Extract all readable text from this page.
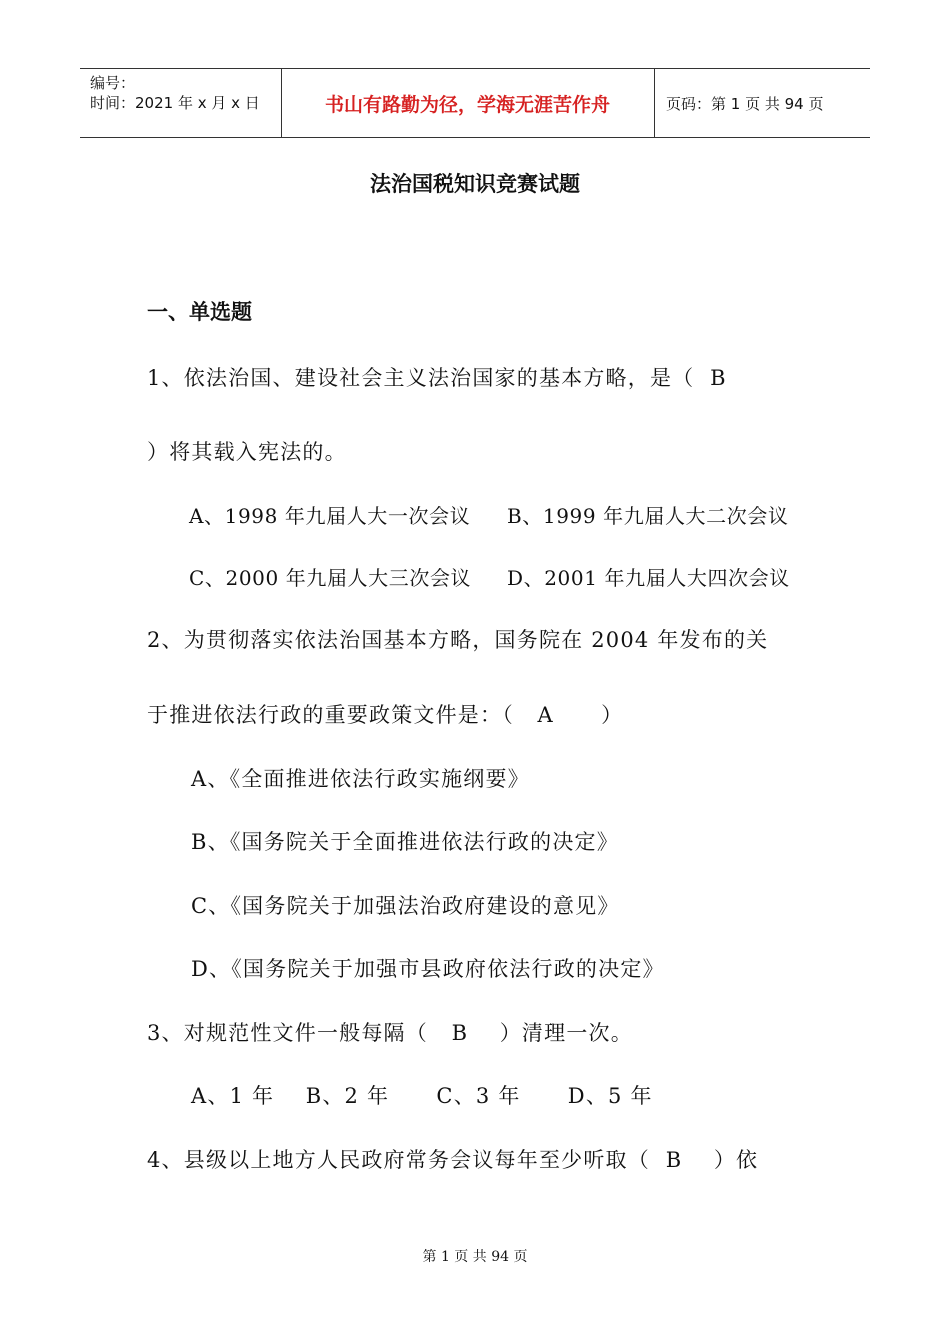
编号：
时间：2021 年 x 月 x 日	书山有路勤为径，学海无涯苦作舟	页码：第 1 页 共 94 页
法治国税知识竞赛试题
一、单选题
1、依法治国、建设社会主义法治国家的基本方略，是（  B
）将其载入宪法的。
A、1998 年九届人大一次会议 B、1999 年九届人大二次会议
C、2000 年九届人大三次会议 D、2001 年九届人大四次会议
2、为贯彻落实依法治国基本方略，国务院在 2004 年发布的关
于推进依法行政的重要政策文件是：（   A      ）
A、《全面推进依法行政实施纲要》
B、《国务院关于全面推进依法行政的决定》
C、《国务院关于加强法治政府建设的意见》
D、《国务院关于加强市县政府依法行政的决定》
3、对规范性文件一般每隔（   B    ）清理一次。
A、1 年    B、2 年      C、3 年      D、5 年
4、县级以上地方人民政府常务会议每年至少听取（  B    ）依
第 1 页 共 94 页
